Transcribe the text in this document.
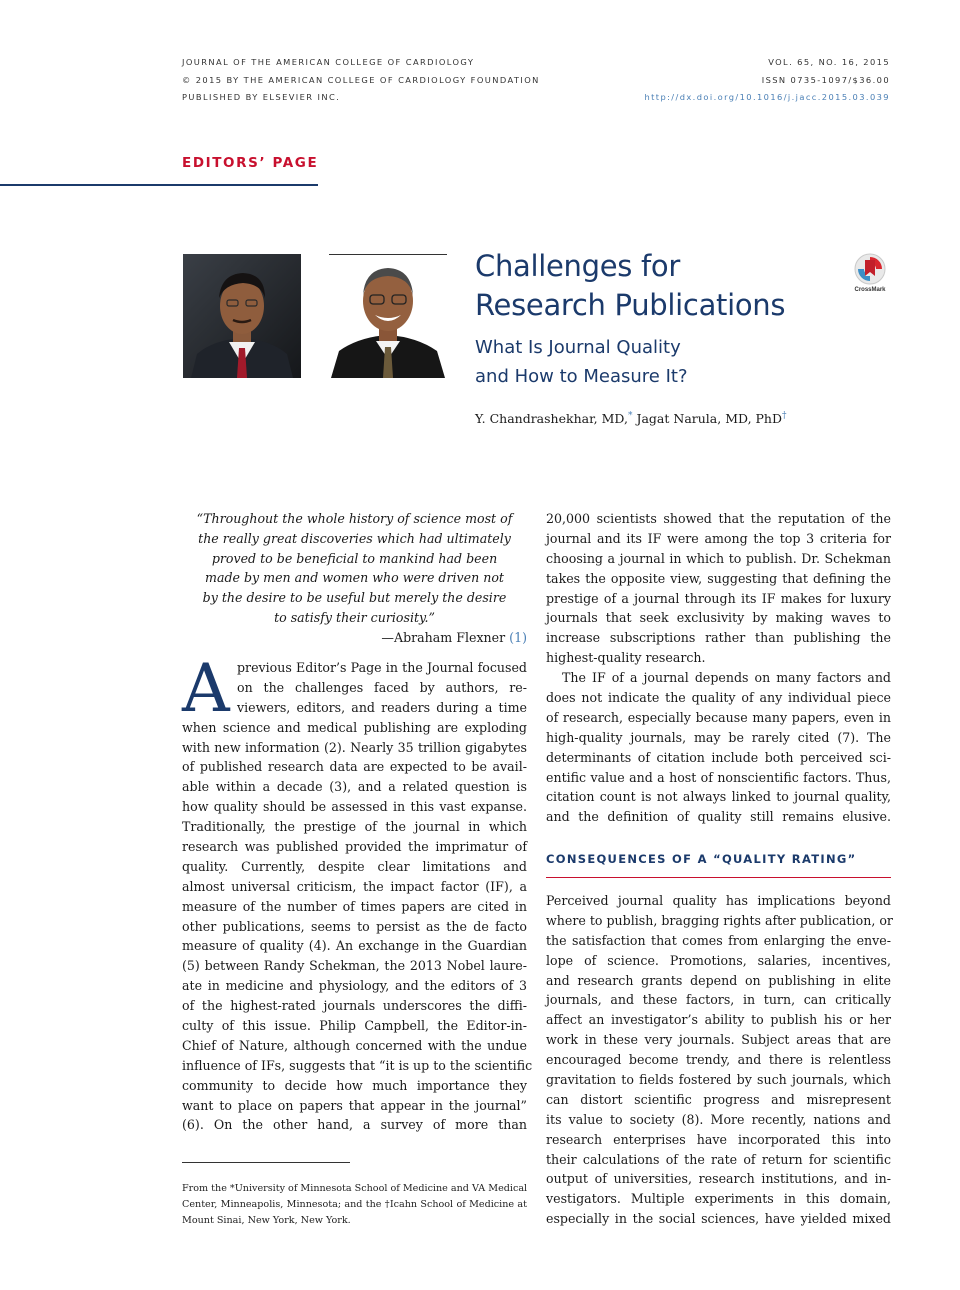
JOURNAL OF THE AMERICAN COLLEGE OF CARDIOLOGY
© 2015 BY THE AMERICAN COLLEGE OF CARDIOLOGY FOUNDATION
PUBLISHED BY ELSEVIER INC.
VOL. 65, NO. 16, 2015
ISSN 0735-1097/$36.00
http://dx.doi.org/10.1016/j.jacc.2015.03.039
EDITORS’ PAGE
Challenges for
Research Publications
What Is Journal Quality
and How to Measure It?
CrossMark
Y. Chandrashekhar, MD,* Jagat Narula, MD, PhD†
“Throughout the whole history of science most of
the really great discoveries which had ultimately
proved to be beneficial to mankind had been
made by men and women who were driven not
by the desire to be useful but merely the desire
to satisfy their curiosity.”
—Abraham Flexner (1)
A previous Editor’s Page in the Journal focused
on the challenges faced by authors, re-
viewers, editors, and readers during a time
when science and medical publishing are exploding
with new information (2). Nearly 35 trillion gigabytes
of published research data are expected to be avail-
able within a decade (3), and a related question is
how quality should be assessed in this vast expanse.
Traditionally, the prestige of the journal in which
research was published provided the imprimatur of
quality. Currently, despite clear limitations and
almost universal criticism, the impact factor (IF), a
measure of the number of times papers are cited in
other publications, seems to persist as the de facto
measure of quality (4). An exchange in the Guardian
(5) between Randy Schekman, the 2013 Nobel laure-
ate in medicine and physiology, and the editors of 3
of the highest-rated journals underscores the diffi-
culty of this issue. Philip Campbell, the Editor-in-
Chief of Nature, although concerned with the undue
influence of IFs, suggests that “it is up to the scientific
community to decide how much importance they
want to place on papers that appear in the journal”
(6). On the other hand, a survey of more than
20,000 scientists showed that the reputation of the
journal and its IF were among the top 3 criteria for
choosing a journal in which to publish. Dr. Schekman
takes the opposite view, suggesting that defining the
prestige of a journal through its IF makes for luxury
journals that seek exclusivity by making waves to
increase subscriptions rather than publishing the
highest-quality research.
The IF of a journal depends on many factors and
does not indicate the quality of any individual piece
of research, especially because many papers, even in
high-quality journals, may be rarely cited (7). The
determinants of citation include both perceived sci-
entific value and a host of nonscientific factors. Thus,
citation count is not always linked to journal quality,
and the definition of quality still remains elusive.
CONSEQUENCES OF A “QUALITY RATING”
Perceived journal quality has implications beyond
where to publish, bragging rights after publication, or
the satisfaction that comes from enlarging the enve-
lope of science. Promotions, salaries, incentives,
and research grants depend on publishing in elite
journals, and these factors, in turn, can critically
affect an investigator’s ability to publish his or her
work in these very journals. Subject areas that are
encouraged become trendy, and there is relentless
gravitation to fields fostered by such journals, which
can distort scientific progress and misrepresent
its value to society (8). More recently, nations and
research enterprises have incorporated this into
their calculations of the rate of return for scientific
output of universities, research institutions, and in-
vestigators. Multiple experiments in this domain,
especially in the social sciences, have yielded mixed
From the *University of Minnesota School of Medicine and VA Medical
Center, Minneapolis, Minnesota; and the †Icahn School of Medicine at
Mount Sinai, New York, New York.
